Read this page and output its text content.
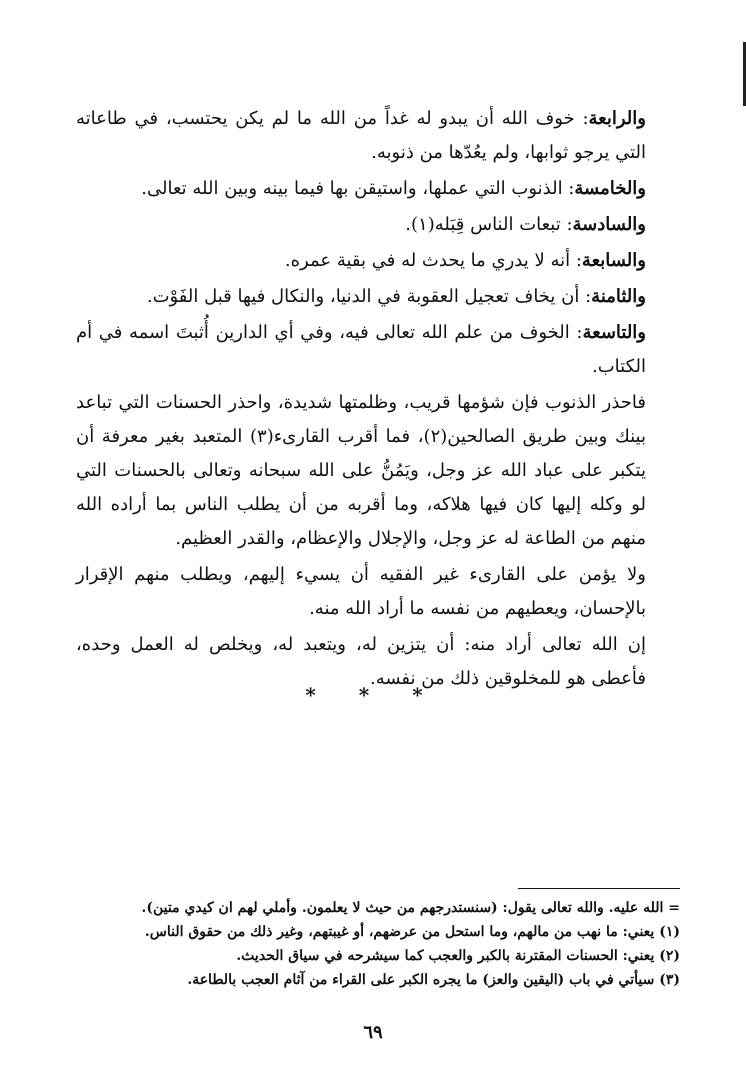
والرابعة: خوف الله أن يبدو له غداً من الله ما لم يكن يحتسب، في طاعاته التي يرجو ثوابها، ولم يعُدّها من ذنوبه.

والخامسة: الذنوب التي عملها، واستيقن بها فيما بينه وبين الله تعالى.

والسادسة: تبعات الناس قِبَله(١).

والسابعة: أنه لا يدري ما يحدث له في بقية عمره.

والثامنة: أن يخاف تعجيل العقوبة في الدنيا، والنكال فيها قبل الفَوْت.

والتاسعة: الخوف من علم الله تعالى فيه، وفي أي الدارين أُثبتَ اسمه في أم الكتاب.

فاحذر الذنوب فإن شؤمها قريب، وظلمتها شديدة، واحذر الحسنات التي تباعد بينك وبين طريق الصالحين(٢)، فما أقرب القارىء(٣) المتعبد بغير معرفة أن يتكبر على عباد الله عز وجل، ويَمُنُّ على الله سبحانه وتعالى بالحسنات التي لو وكله إليها كان فيها هلاكه، وما أقربه من أن يطلب الناس بما أراده الله منهم من الطاعة له عز وجل، والإجلال والإعظام، والقدر العظيم.

ولا يؤمن على القارىء غير الفقيه أن يسيء إليهم، ويطلب منهم الإقرار بالإحسان، ويعطيهم من نفسه ما أراد الله منه.

إن الله تعالى أراد منه: أن يتزين له، ويتعبد له، ويخلص له العمل وحده، فأعطى هو للمخلوقين ذلك من نفسه.

* * *

= الله عليه. والله تعالى يقول: (سنستدرجهم من حيث لا يعلمون. وأملي لهم ان كيدي متين).

(١) يعني: ما نهب من مالهم، وما استحل من عرضهم، أو غيبتهم، وغير ذلك من حقوق الناس.

(٢) يعني: الحسنات المقترنة بالكبر والعجب كما سيشرحه في سياق الحديث.

(٣) سيأتي في باب (اليقين والعز) ما يجره الكبر على القراء من آثام العجب بالطاعة.

٦٩
